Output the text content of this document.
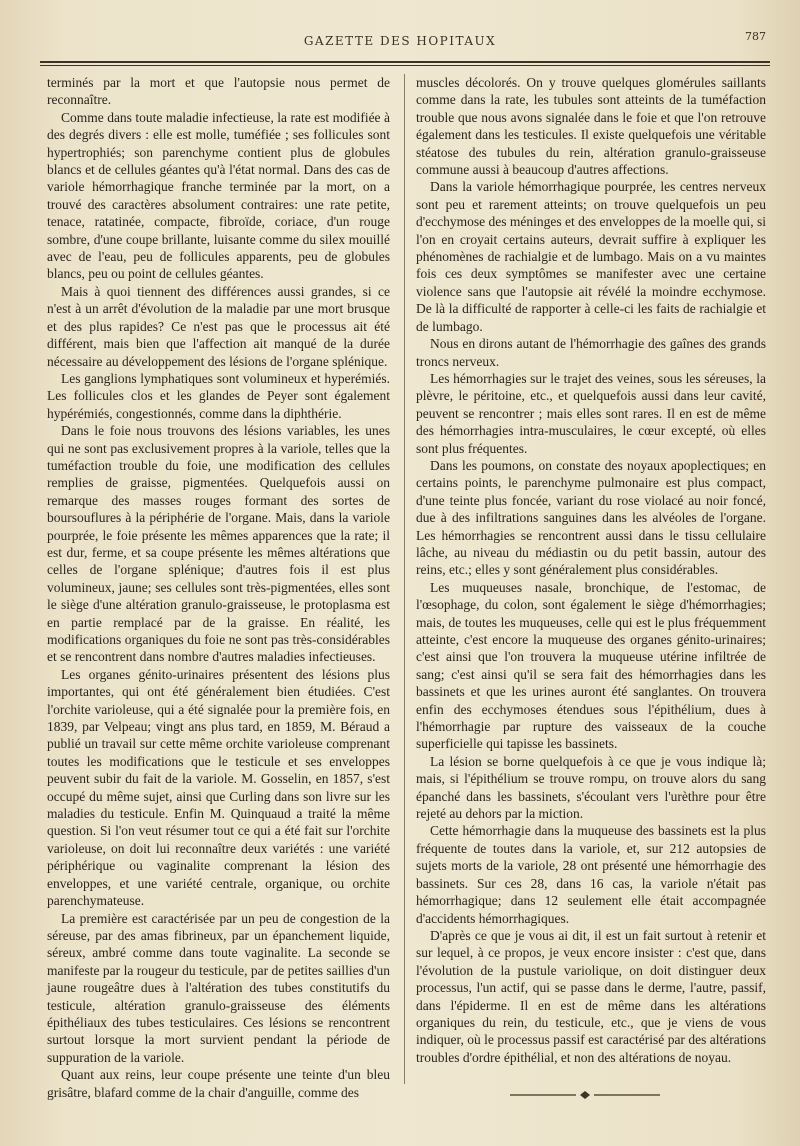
GAZETTE DES HOPITAUX	787

terminés par la mort et que l'autopsie nous permet de reconnaître.

Comme dans toute maladie infectieuse, la rate est modifiée à des degrés divers : elle est molle, tuméfiée ; ses follicules sont hypertrophiés; son parenchyme contient plus de globules blancs et de cellules géantes qu'à l'état normal. Dans des cas de variole hémorrhagique franche terminée par la mort, on a trouvé des caractères absolument contraires: une rate petite, tenace, ratatinée, compacte, fibroïde, coriace, d'un rouge sombre, d'une coupe brillante, luisante comme du silex mouillé avec de l'eau, peu de follicules apparents, peu de globules blancs, peu ou point de cellules géantes.

Mais à quoi tiennent des différences aussi grandes, si ce n'est à un arrêt d'évolution de la maladie par une mort brusque et des plus rapides? Ce n'est pas que le processus ait été différent, mais bien que l'affection ait manqué de la durée nécessaire au développement des lésions de l'organe splénique.

Les ganglions lymphatiques sont volumineux et hyperémiés. Les follicules clos et les glandes de Peyer sont également hypérémiés, congestionnés, comme dans la diphthérie.

Dans le foie nous trouvons des lésions variables, les unes qui ne sont pas exclusivement propres à la variole, telles que la tuméfaction trouble du foie, une modification des cellules remplies de graisse, pigmentées. Quelquefois aussi on remarque des masses rouges formant des sortes de boursouflures à la périphérie de l'organe. Mais, dans la variole pourprée, le foie présente les mêmes apparences que la rate; il est dur, ferme, et sa coupe présente les mêmes altérations que celles de l'organe splénique; d'autres fois il est plus volumineux, jaune; ses cellules sont très-pigmentées, elles sont le siège d'une altération granulo-graisseuse, le protoplasma est en partie remplacé par de la graisse. En réalité, les modifications organiques du foie ne sont pas très-considérables et se rencontrent dans nombre d'autres maladies infectieuses.

Les organes génito-urinaires présentent des lésions plus importantes, qui ont été généralement bien étudiées. C'est l'orchite varioleuse, qui a été signalée pour la première fois, en 1839, par Velpeau; vingt ans plus tard, en 1859, M. Béraud a publié un travail sur cette même orchite varioleuse comprenant toutes les modifications que le testicule et ses enveloppes peuvent subir du fait de la variole. M. Gosselin, en 1857, s'est occupé du même sujet, ainsi que Curling dans son livre sur les maladies du testicule. Enfin M. Quinquaud a traité la même question. Si l'on veut résumer tout ce qui a été fait sur l'orchite varioleuse, on doit lui reconnaître deux variétés : une variété périphérique ou vaginalite comprenant la lésion des enveloppes, et une variété centrale, organique, ou orchite parenchymateuse.

La première est caractérisée par un peu de congestion de la séreuse, par des amas fibrineux, par un épanchement liquide, séreux, ambré comme dans toute vaginalite. La seconde se manifeste par la rougeur du testicule, par de petites saillies d'un jaune rougeâtre dues à l'altération des tubes constitutifs du testicule, altération granulo-graisseuse des éléments épithéliaux des tubes testiculaires. Ces lésions se rencontrent surtout lorsque la mort survient pendant la période de suppuration de la variole.

Quant aux reins, leur coupe présente une teinte d'un bleu grisâtre, blafard comme de la chair d'anguille, comme des

muscles décolorés. On y trouve quelques glomérules saillants comme dans la rate, les tubules sont atteints de la tuméfaction trouble que nous avons signalée dans le foie et que l'on retrouve également dans les testicules. Il existe quelquefois une véritable stéatose des tubules du rein, altération granulo-graisseuse commune aussi à beaucoup d'autres affections.

Dans la variole hémorrhagique pourprée, les centres nerveux sont peu et rarement atteints; on trouve quelquefois un peu d'ecchymose des méninges et des enveloppes de la moelle qui, si l'on en croyait certains auteurs, devrait suffire à expliquer les phénomènes de rachialgie et de lumbago. Mais on a vu maintes fois ces deux symptômes se manifester avec une certaine violence sans que l'autopsie ait révélé la moindre ecchymose. De là la difficulté de rapporter à celle-ci les faits de rachialgie et de lumbago.

Nous en dirons autant de l'hémorrhagie des gaînes des grands troncs nerveux.

Les hémorrhagies sur le trajet des veines, sous les séreuses, la plèvre, le péritoine, etc., et quelquefois aussi dans leur cavité, peuvent se rencontrer ; mais elles sont rares. Il en est de même des hémorrhagies intra-musculaires, le cœur excepté, où elles sont plus fréquentes.

Dans les poumons, on constate des noyaux apoplectiques; en certains points, le parenchyme pulmonaire est plus compact, d'une teinte plus foncée, variant du rose violacé au noir foncé, due à des infiltrations sanguines dans les alvéoles de l'organe. Les hémorrhagies se rencontrent aussi dans le tissu cellulaire lâche, au niveau du médiastin ou du petit bassin, autour des reins, etc.; elles y sont généralement plus considérables.

Les muqueuses nasale, bronchique, de l'estomac, de l'œsophage, du colon, sont également le siège d'hémorrhagies; mais, de toutes les muqueuses, celle qui est le plus fréquemment atteinte, c'est encore la muqueuse des organes génito-urinaires; c'est ainsi que l'on trouvera la muqueuse utérine infiltrée de sang; c'est ainsi qu'il se sera fait des hémorrhagies dans les bassinets et que les urines auront été sanglantes. On trouvera enfin des ecchymoses étendues sous l'épithélium, dues à l'hémorrhagie par rupture des vaisseaux de la couche superficielle qui tapisse les bassinets.

La lésion se borne quelquefois à ce que je vous indique là; mais, si l'épithélium se trouve rompu, on trouve alors du sang épanché dans les bassinets, s'écoulant vers l'urèthre pour être rejeté au dehors par la miction.

Cette hémorrhagie dans la muqueuse des bassinets est la plus fréquente de toutes dans la variole, et, sur 212 autopsies de sujets morts de la variole, 28 ont présenté une hémorrhagie des bassinets. Sur ces 28, dans 16 cas, la variole n'était pas hémorrhagique; dans 12 seulement elle était accompagnée d'accidents hémorrhagiques.

D'après ce que je vous ai dit, il est un fait surtout à retenir et sur lequel, à ce propos, je veux encore insister : c'est que, dans l'évolution de la pustule variolique, on doit distinguer deux processus, l'un actif, qui se passe dans le derme, l'autre, passif, dans l'épiderme. Il en est de même dans les altérations organiques du rein, du testicule, etc., que je viens de vous indiquer, où le processus passif est caractérisé par des altérations troubles d'ordre épithélial, et non des altérations de noyau.
